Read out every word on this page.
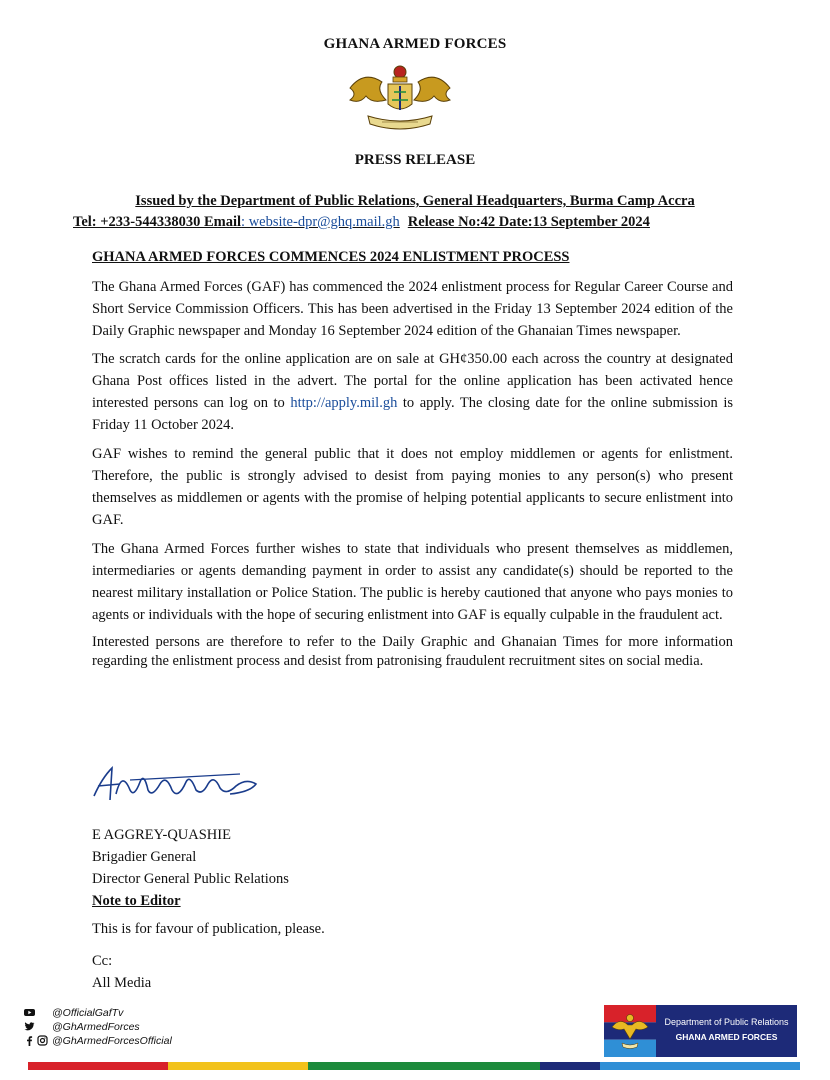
GHANA ARMED FORCES
PRESS RELEASE
Issued by the Department of Public Relations, General Headquarters, Burma Camp Accra
Tel: +233-544338030 Email: website-dpr@ghq.mail.gh Release No:42 Date:13 September 2024
GHANA ARMED FORCES COMMENCES 2024 ENLISTMENT PROCESS

The Ghana Armed Forces (GAF) has commenced the 2024 enlistment process for Regular Career Course and Short Service Commission Officers. This has been advertised in the Friday 13 September 2024 edition of the Daily Graphic newspaper and Monday 16 September 2024 edition of the Ghanaian Times newspaper.

The scratch cards for the online application are on sale at GH¢350.00 each across the country at designated Ghana Post offices listed in the advert. The portal for the online application has been activated hence interested persons can log on to http://apply.mil.gh to apply. The closing date for the online submission is Friday 11 October 2024.

GAF wishes to remind the general public that it does not employ middlemen or agents for enlistment. Therefore, the public is strongly advised to desist from paying monies to any person(s) who present themselves as middlemen or agents with the promise of helping potential applicants to secure enlistment into GAF.

The Ghana Armed Forces further wishes to state that individuals who present themselves as middlemen, intermediaries or agents demanding payment in order to assist any candidate(s) should be reported to the nearest military installation or Police Station. The public is hereby cautioned that anyone who pays monies to agents or individuals with the hope of securing enlistment into GAF is equally culpable in the fraudulent act.

Interested persons are therefore to refer to the Daily Graphic and Ghanaian Times for more information regarding the enlistment process and desist from patronising fraudulent recruitment sites on social media.

E AGGREY-QUASHIE
Brigadier General
Director General Public Relations
Note to Editor
This is for favour of publication, please.
Cc:
All Media
@OfficialGafTv
@GhArmedForces
@GhArmedForcesOfficial
Department of Public Relations
GHANA ARMED FORCES
